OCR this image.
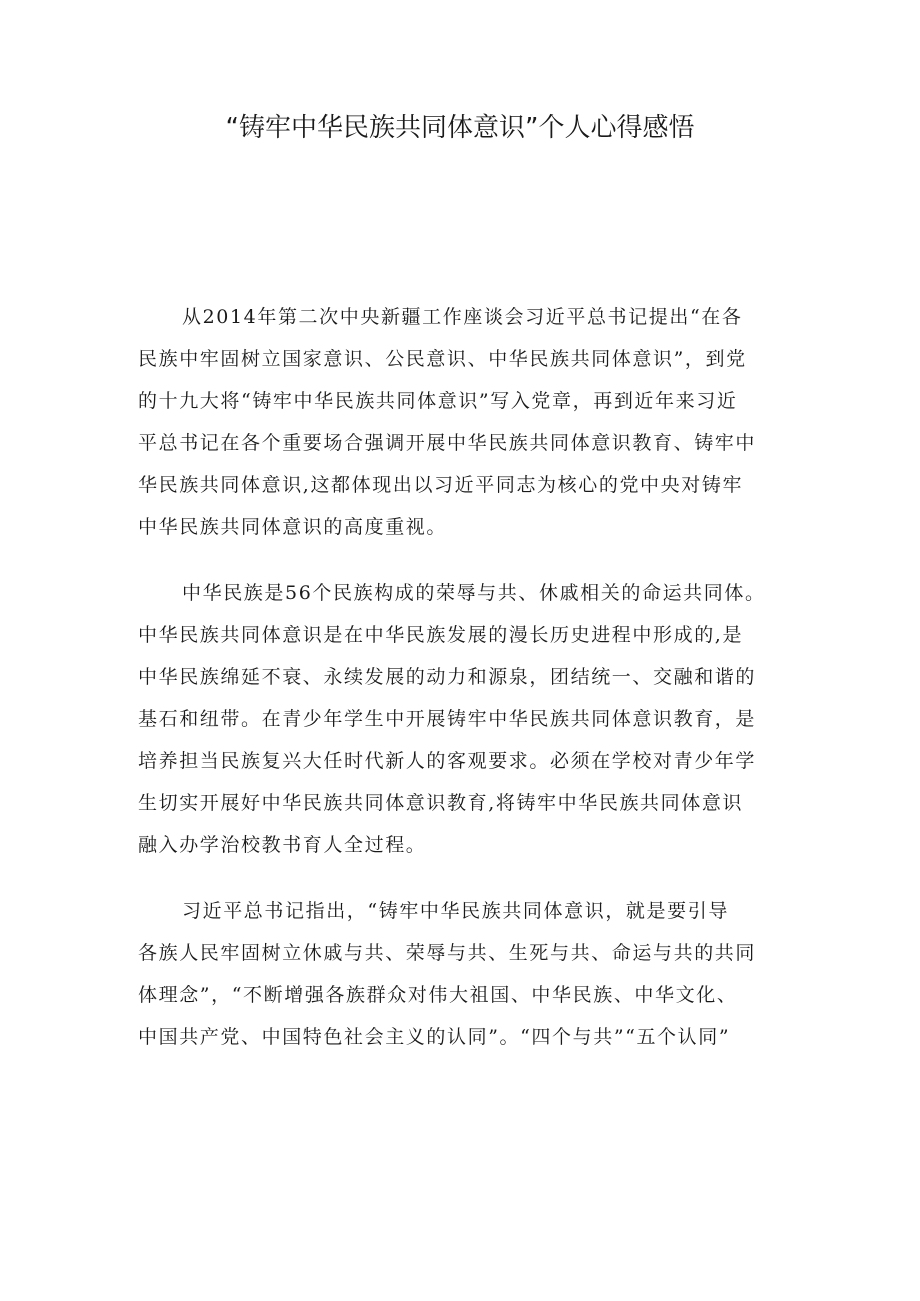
“铸牢中华民族共同体意识”个人心得感悟
从2014年第二次中央新疆工作座谈会习近平总书记提出“在各
民族中牢固树立国家意识、公民意识、中华民族共同体意识”，到党
的十九大将“铸牢中华民族共同体意识”写入党章，再到近年来习近
平总书记在各个重要场合强调开展中华民族共同体意识教育、铸牢中
华民族共同体意识,这都体现出以习近平同志为核心的党中央对铸牢
中华民族共同体意识的高度重视。
中华民族是56个民族构成的荣辱与共、休戚相关的命运共同体。
中华民族共同体意识是在中华民族发展的漫长历史进程中形成的,是
中华民族绵延不衰、永续发展的动力和源泉，团结统一、交融和谐的
基石和纽带。在青少年学生中开展铸牢中华民族共同体意识教育，是
培养担当民族复兴大任时代新人的客观要求。必须在学校对青少年学
生切实开展好中华民族共同体意识教育,将铸牢中华民族共同体意识
融入办学治校教书育人全过程。
习近平总书记指出，“铸牢中华民族共同体意识，就是要引导
各族人民牢固树立休戚与共、荣辱与共、生死与共、命运与共的共同
体理念”，“不断增强各族群众对伟大祖国、中华民族、中华文化、
中国共产党、中国特色社会主义的认同”。“四个与共”“五个认同”
